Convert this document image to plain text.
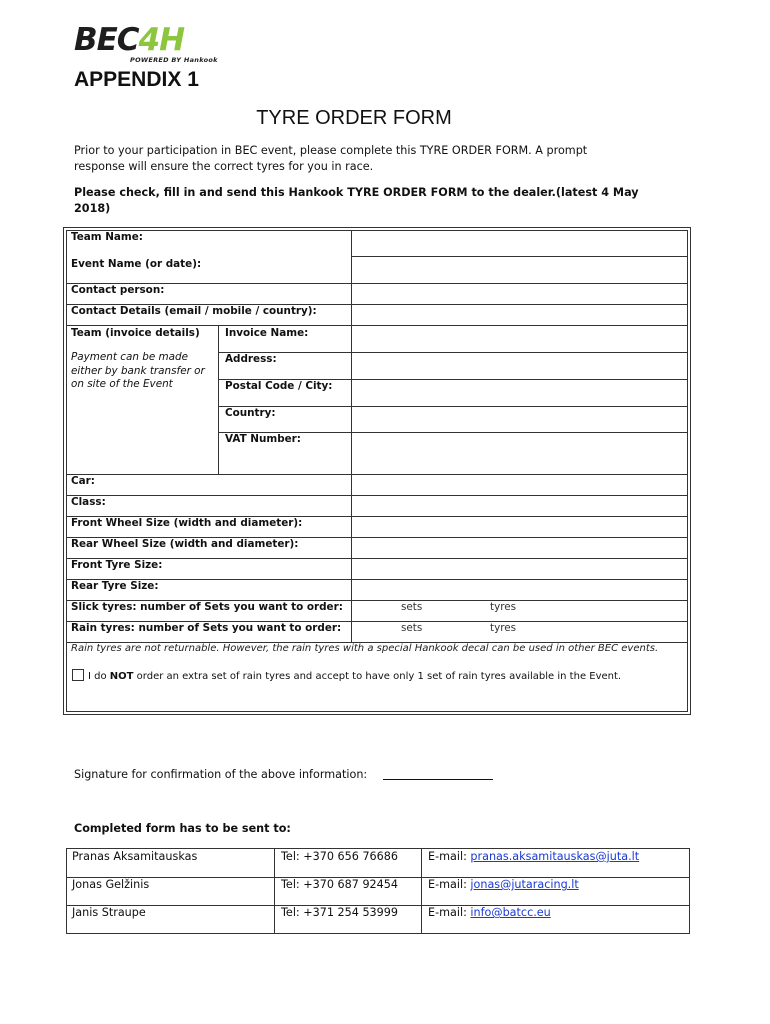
BEC4H
POWERED BY Hankook
APPENDIX 1
TYRE ORDER FORM
Prior to your participation in BEC event, please complete this TYRE ORDER FORM. A prompt response will ensure the correct tyres for you in race.
Please check, fill in and send this Hankook TYRE ORDER FORM to the dealer.(latest 4 May 2018)
Team Name:
Event Name (or date):
Contact person:
Contact Details (email / mobile / country):
Team (invoice details)
Payment can be made either by bank transfer or on site of the Event
Invoice Name:
Address:
Postal Code / City:
Country:
VAT Number:
Car:
Class:
Front Wheel Size (width and diameter):
Rear Wheel Size (width and diameter):
Front Tyre Size:
Rear Tyre Size:
Slick tyres: number of Sets you want to order:	sets	tyres
Rain tyres: number of Sets you want to order:	sets	tyres
Rain tyres are not returnable. However, the rain tyres with a special Hankook decal can be used in other BEC events.
I do NOT order an extra set of rain tyres and accept to have only 1 set of rain tyres available in the Event.
Signature for confirmation of the above information:
Completed form has to be sent to:
Pranas Aksamitauskas	Tel: +370 656 76686	E-mail: pranas.aksamitauskas@juta.lt
Jonas Gelžinis	Tel: +370 687 92454	E-mail: jonas@jutaracing.lt
Janis Straupe	Tel: +371 254 53999	E-mail: info@batcc.eu
